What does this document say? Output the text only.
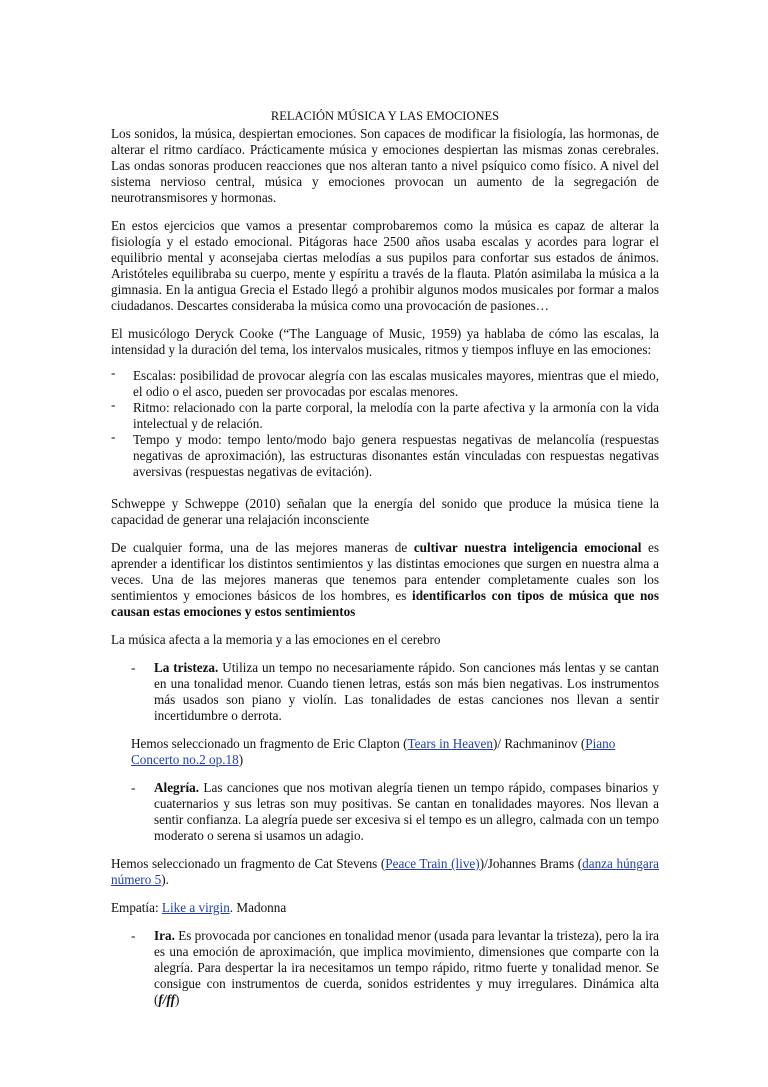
RELACIÓN MÚSICA Y LAS EMOCIONES

Los sonidos, la música, despiertan emociones. Son capaces de modificar la fisiología, las hormonas, de alterar el ritmo cardíaco. Prácticamente música y emociones despiertan las mismas zonas cerebrales. Las ondas sonoras producen reacciones que nos alteran tanto a nivel psíquico como físico. A nivel del sistema nervioso central, música y emociones provocan un aumento de la segregación de neurotransmisores y hormonas.

En estos ejercicios que vamos a presentar comprobaremos como la música es capaz de alterar la fisiología y el estado emocional. Pitágoras hace 2500 años usaba escalas y acordes para lograr el equilibrio mental y aconsejaba ciertas melodías a sus pupilos para confortar sus estados de ánimos. Aristóteles equilibraba su cuerpo, mente y espíritu a través de la flauta. Platón asimilaba la música a la gimnasia. En la antigua Grecia el Estado llegó a prohibir algunos modos musicales por formar a malos ciudadanos. Descartes consideraba la música como una provocación de pasiones…

El musicólogo Deryck Cooke (“The Language of Music, 1959) ya hablaba de cómo las escalas, la intensidad y la duración del tema, los intervalos musicales, ritmos y tiempos influye en las emociones:

- Escalas: posibilidad de provocar alegría con las escalas musicales mayores, mientras que el miedo, el odio o el asco, pueden ser provocadas por escalas menores.
- Ritmo: relacionado con la parte corporal, la melodía con la parte afectiva y la armonía con la vida intelectual y de relación.
- Tempo y modo: tempo lento/modo bajo genera respuestas negativas de melancolía (respuestas negativas de aproximación), las estructuras disonantes están vinculadas con respuestas negativas aversivas (respuestas negativas de evitación).

Schweppe y Schweppe (2010) señalan que la energía del sonido que produce la música tiene la capacidad de generar una relajación inconsciente

De cualquier forma, una de las mejores maneras de cultivar nuestra inteligencia emocional es aprender a identificar los distintos sentimientos y las distintas emociones que surgen en nuestra alma a veces. Una de las mejores maneras que tenemos para entender completamente cuales son los sentimientos y emociones básicos de los hombres, es identificarlos con tipos de música que nos causan estas emociones y estos sentimientos

La música afecta a la memoria y a las emociones en el cerebro

- La tristeza. Utiliza un tempo no necesariamente rápido. Son canciones más lentas y se cantan en una tonalidad menor. Cuando tienen letras, estás son más bien negativas. Los instrumentos más usados son piano y violín. Las tonalidades de estas canciones nos llevan a sentir incertidumbre o derrota.

Hemos seleccionado un fragmento de Eric Clapton (Tears in Heaven)/ Rachmaninov (Piano Concerto no.2 op.18)

- Alegría. Las canciones que nos motivan alegría tienen un tempo rápido, compases binarios y cuaternarios y sus letras son muy positivas. Se cantan en tonalidades mayores. Nos llevan a sentir confianza. La alegría puede ser excesiva si el tempo es un allegro, calmada con un tempo moderato o serena si usamos un adagio.

Hemos seleccionado un fragmento de Cat Stevens (Peace Train (live))/Johannes Brams (danza húngara número 5).

Empatía: Like a virgin. Madonna

- Ira. Es provocada por canciones en tonalidad menor (usada para levantar la tristeza), pero la ira es una emoción de aproximación, que implica movimiento, dimensiones que comparte con la alegría. Para despertar la ira necesitamos un tempo rápido, ritmo fuerte y tonalidad menor. Se consigue con instrumentos de cuerda, sonidos estridentes y muy irregulares. Dinámica alta (f/ff)
